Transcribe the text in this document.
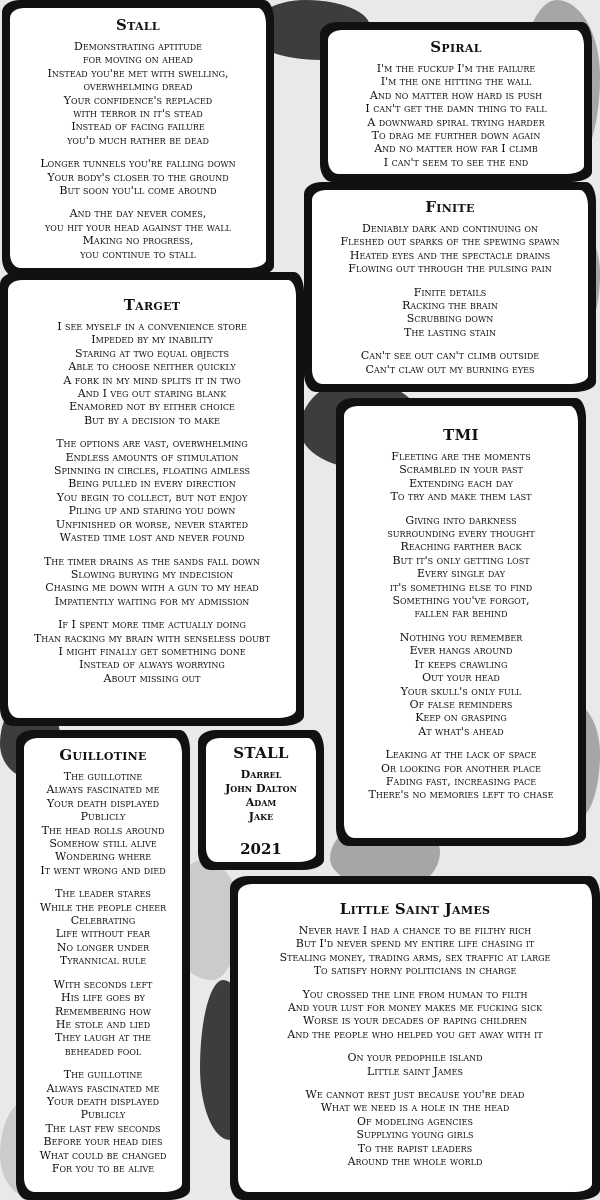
Stall
Demonstrating aptitude
for moving on ahead
Instead you're met with swelling,
overwhelming dread
Your confidence's replaced
with terror in it's stead
Instead of facing failure
you'd much rather be dead
Longer tunnels you're falling down
Your body's closer to the ground
But soon you'll come around
And the day never comes,
you hit your head against the wall
Making no progress,
you continue to stall
Spiral
I'm the fuckup I'm the failure
I'm the one hitting the wall
And no matter how hard is push
I can't get the damn thing to fall
A downward spiral trying harder
To drag me further down again
And no matter how far I climb
I can't seem to see the end
Finite
Deniably dark and continuing on
Fleshed out sparks of the spewing spawn
Heated eyes and the spectacle drains
Flowing out through the pulsing pain
Finite details
Racking the brain
Scrubbing down
The lasting stain
Can't see out can't climb outside
Can't claw out my burning eyes
Target
I see myself in a convenience store
Impeded by my inability
Staring at two equal objects
Able to choose neither quickly
A fork in my mind splits it in two
And I veg out staring blank
Enamored not by either choice
But by a decision to make
The options are vast, overwhelming
Endless amounts of stimulation
Spinning in circles, floating aimless
Being pulled in every direction
You begin to collect, but not enjoy
Piling up and staring you down
Unfinished or worse, never started
Wasted time lost and never found
The timer drains as the sands fall down
Slowing burying my indecision
Chasing me down with a gun to my head
Impatiently waiting for my admission
If I spent more time actually doing
Than racking my brain with senseless doubt
I might finally get something done
Instead of always worrying
About missing out
TMI
Fleeting are the moments
Scrambled in your past
Extending each day
To try and make them last
Giving into darkness
surrounding every thought
Reaching farther back
But it's only getting lost
Every single day
it's something else to find
Something you've forgot,
fallen far behind
Nothing you remember
Ever hangs around
It keeps crawling
Out your head
Your skull's only full
Of false reminders
Keep on grasping
At what's ahead
Leaking at the lack of space
Or looking for another place
Fading fast, increasing pace
There's no memories left to chase
Guillotine
The guillotine
Always fascinated me
Your death displayed
Publicly
The head rolls around
Somehow still alive
Wondering where
It went wrong and died
The leader stares
While the people cheer
Celebrating
Life without fear
No longer under
Tyrannical rule
With seconds left
His life goes by
Remembering how
He stole and lied
They laugh at the
beheaded fool
The guillotine
Always fascinated me
Your death displayed
Publicly
The last few seconds
Before your head dies
What could be changed
For you to be alive
STALL
Darrel
John Dalton
Adam
Jake
2021
Little Saint James
Never have I had a chance to be filthy rich
But I'd never spend my entire life chasing it
Stealing money, trading arms, sex traffic at large
To satisfy horny politicians in charge
You crossed the line from human to filth
And your lust for money makes me fucking sick
Worse is your decades of raping children
And the people who helped you get away with it
On your pedophile island
Little saint James
We cannot rest just because you're dead
What we need is a hole in the head
Of modeling agencies
Supplying young girls
To the rapist leaders
Around the whole world
